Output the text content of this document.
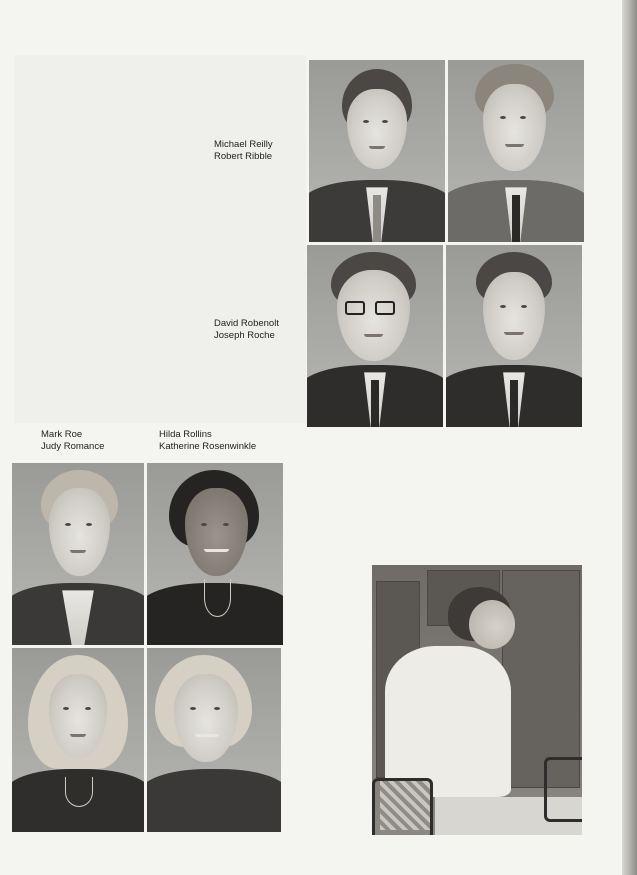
Michael Reilly
Robert Ribble
David Robenolt
Joseph Roche
Mark Roe
Judy Romance
Hilda Rollins
Katherine Rosenwinkle
